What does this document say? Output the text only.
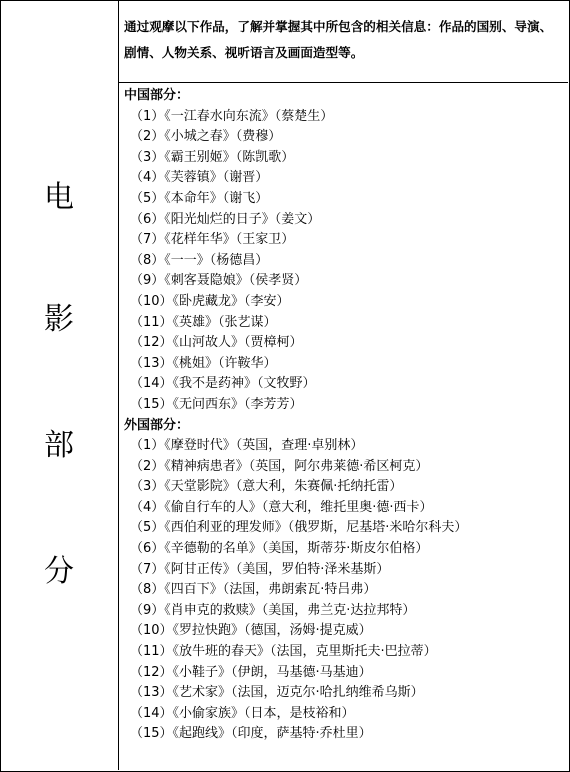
电
影
部
分
通过观摩以下作品，了解并掌握其中所包含的相关信息：作品的国别、导演、剧情、人物关系、视听语言及画面造型等。
中国部分：
（1）《一江春水向东流》（蔡楚生）
（2）《小城之春》（费穆）
（3）《霸王别姬》（陈凯歌）
（4）《芙蓉镇》（谢晋）
（5）《本命年》（谢飞）
（6）《阳光灿烂的日子》（姜文）
（7）《花样年华》（王家卫）
（8）《一一》（杨德昌）
（9）《刺客聂隐娘》（侯孝贤）
（10）《卧虎藏龙》（李安）
（11）《英雄》（张艺谋）
（12）《山河故人》（贾樟柯）
（13）《桃姐》（许鞍华）
（14）《我不是药神》（文牧野）
（15）《无问西东》（李芳芳）
外国部分：
（1）《摩登时代》（英国，查理·卓别林）
（2）《精神病患者》（英国，阿尔弗莱德·希区柯克）
（3）《天堂影院》（意大利，朱赛佩·托纳托雷）
（4）《偷自行车的人》（意大利，维托里奥·德·西卡）
（5）《西伯利亚的理发师》（俄罗斯，尼基塔·米哈尔科夫）
（6）《辛德勒的名单》（美国，斯蒂芬·斯皮尔伯格）
（7）《阿甘正传》（美国，罗伯特·泽米基斯）
（8）《四百下》（法国，弗朗索瓦·特吕弗）
（9）《肖申克的救赎》（美国，弗兰克·达拉邦特）
（10）《罗拉快跑》（德国，汤姆·提克威）
（11）《放牛班的春天》（法国，克里斯托夫·巴拉蒂）
（12）《小鞋子》（伊朗，马基德·马基迪）
（13）《艺术家》（法国，迈克尔·哈扎纳维希乌斯）
（14）《小偷家族》（日本，是枝裕和）
（15）《起跑线》（印度，萨基特·乔杜里）
